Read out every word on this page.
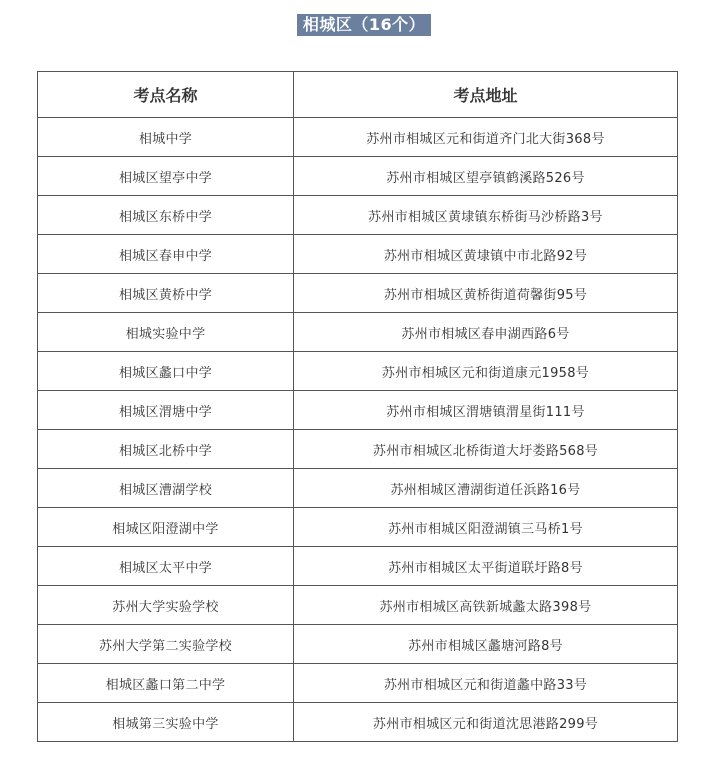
相城区（16个）
考点名称	考点地址
相城中学	苏州市相城区元和街道齐门北大街368号
相城区望亭中学	苏州市相城区望亭镇鹤溪路526号
相城区东桥中学	苏州市相城区黄埭镇东桥街马沙桥路3号
相城区春申中学	苏州市相城区黄埭镇中市北路92号
相城区黄桥中学	苏州市相城区黄桥街道荷馨街95号
相城实验中学	苏州市相城区春申湖西路6号
相城区蠡口中学	苏州市相城区元和街道康元1958号
相城区渭塘中学	苏州市相城区渭塘镇渭星街111号
相城区北桥中学	苏州市相城区北桥街道大圩娄路568号
相城区漕湖学校	苏州相城区漕湖街道任浜路16号
相城区阳澄湖中学	苏州市相城区阳澄湖镇三马桥1号
相城区太平中学	苏州市相城区太平街道联圩路8号
苏州大学实验学校	苏州市相城区高铁新城蠡太路398号
苏州大学第二实验学校	苏州市相城区蠡塘河路8号
相城区蠡口第二中学	苏州市相城区元和街道蠡中路33号
相城第三实验中学	苏州市相城区元和街道沈思港路299号
